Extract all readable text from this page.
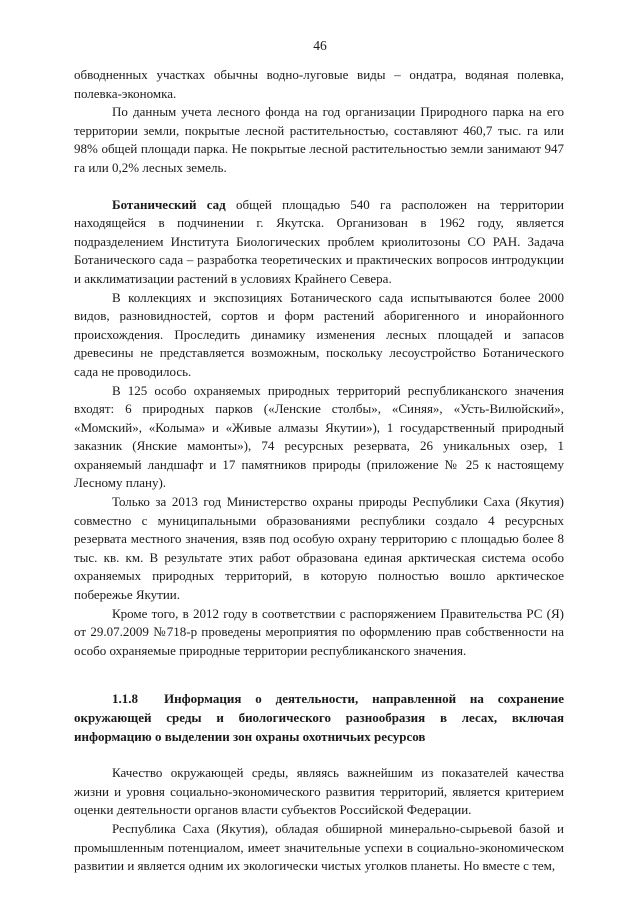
46

обводненных участках обычны водно-луговые виды – ондатра, водяная полевка, полевка-экономка.

По данным учета лесного фонда на год организации Природного парка на его территории земли, покрытые лесной растительностью, составляют 460,7 тыс. га или 98% общей площади парка. Не покрытые лесной растительностью земли занимают 947 га или 0,2% лесных земель.

Ботанический сад общей площадью 540 га расположен на территории находящейся в подчинении г. Якутска. Организован в 1962 году, является подразделением Института Биологических проблем криолитозоны СО РАН. Задача Ботанического сада – разработка теоретических и практических вопросов интродукции и акклиматизации растений в условиях Крайнего Севера.

В коллекциях и экспозициях Ботанического сада испытываются более 2000 видов, разновидностей, сортов и форм растений аборигенного и инорайонного происхождения. Проследить динамику изменения лесных площадей и запасов древесины не представляется возможным, поскольку лесоустройство Ботанического сада не проводилось.

В 125 особо охраняемых природных территорий республиканского значения входят: 6 природных парков («Ленские столбы», «Синяя», «Усть-Вилюйский», «Момский», «Колыма» и «Живые алмазы Якутии»), 1 государственный природный заказник (Янские мамонты»), 74 ресурсных резервата, 26 уникальных озер, 1 охраняемый ландшафт и 17 памятников природы (приложение № 25 к настоящему Лесному плану).

Только за 2013 год Министерство охраны природы Республики Саха (Якутия) совместно с муниципальными образованиями республики создало 4 ресурсных резервата местного значения, взяв под особую охрану территорию с площадью более 8 тыс. кв. км. В результате этих работ образована единая арктическая система особо охраняемых природных территорий, в которую полностью вошло арктическое побережье Якутии.

Кроме того, в 2012 году в соответствии с распоряжением Правительства РС (Я) от 29.07.2009 №718-р проведены мероприятия по оформлению прав собственности на особо охраняемые природные территории республиканского значения.

1.1.8 Информация о деятельности, направленной на сохранение окружающей среды и биологического разнообразия в лесах, включая информацию о выделении зон охраны охотничьих ресурсов

Качество окружающей среды, являясь важнейшим из показателей качества жизни и уровня социально-экономического развития территорий, является критерием оценки деятельности органов власти субъектов Российской Федерации.

Республика Саха (Якутия), обладая обширной минерально-сырьевой базой и промышленным потенциалом, имеет значительные успехи в социально-экономическом развитии и является одним их экологически чистых уголков планеты. Но вместе с тем,
